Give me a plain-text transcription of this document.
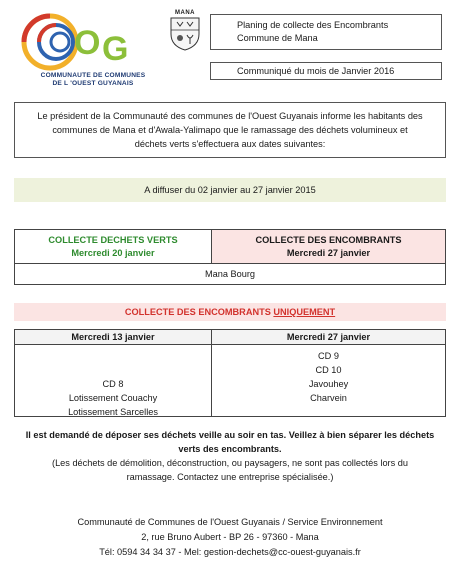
O G
COMMUNAUTE DE COMMUNES
DE L 'OUEST GUYANAIS
MANA
Planing de collecte des Encombrants
Commune de Mana
Communiqué du mois de Janvier 2016
Le président de la Communauté des communes de l'Ouest Guyanais informe les habitants des
communes de Mana et d'Awala-Yalimapo que le ramassage des déchets volumineux et
déchets verts s'effectuera aux dates suivantes:
A diffuser du 02 janvier au 27 janvier 2015
COLLECTE DECHETS VERTS
Mercredi 20 janvier
COLLECTE DES ENCOMBRANTS
Mercredi 27 janvier
Mana Bourg
COLLECTE DES ENCOMBRANTS UNIQUEMENT
Mercredi 13 janvier	Mercredi 27 janvier
CD 8
Lotissement Couachy
Lotissement Sarcelles
CD 9
CD 10
Javouhey
Charvein
Il est demandé de déposer ses déchets veille au soir en tas. Veillez à bien séparer les déchets
verts des encombrants.
(Les déchets de démolition, déconstruction, ou paysagers, ne sont pas collectés lors du
ramassage. Contactez une entreprise spécialisée.)
Communauté de Communes de l'Ouest Guyanais / Service Environnement
2, rue Bruno Aubert - BP 26 - 97360 - Mana
Tél: 0594 34 34 37 - Mel: gestion-dechets@cc-ouest-guyanais.fr
